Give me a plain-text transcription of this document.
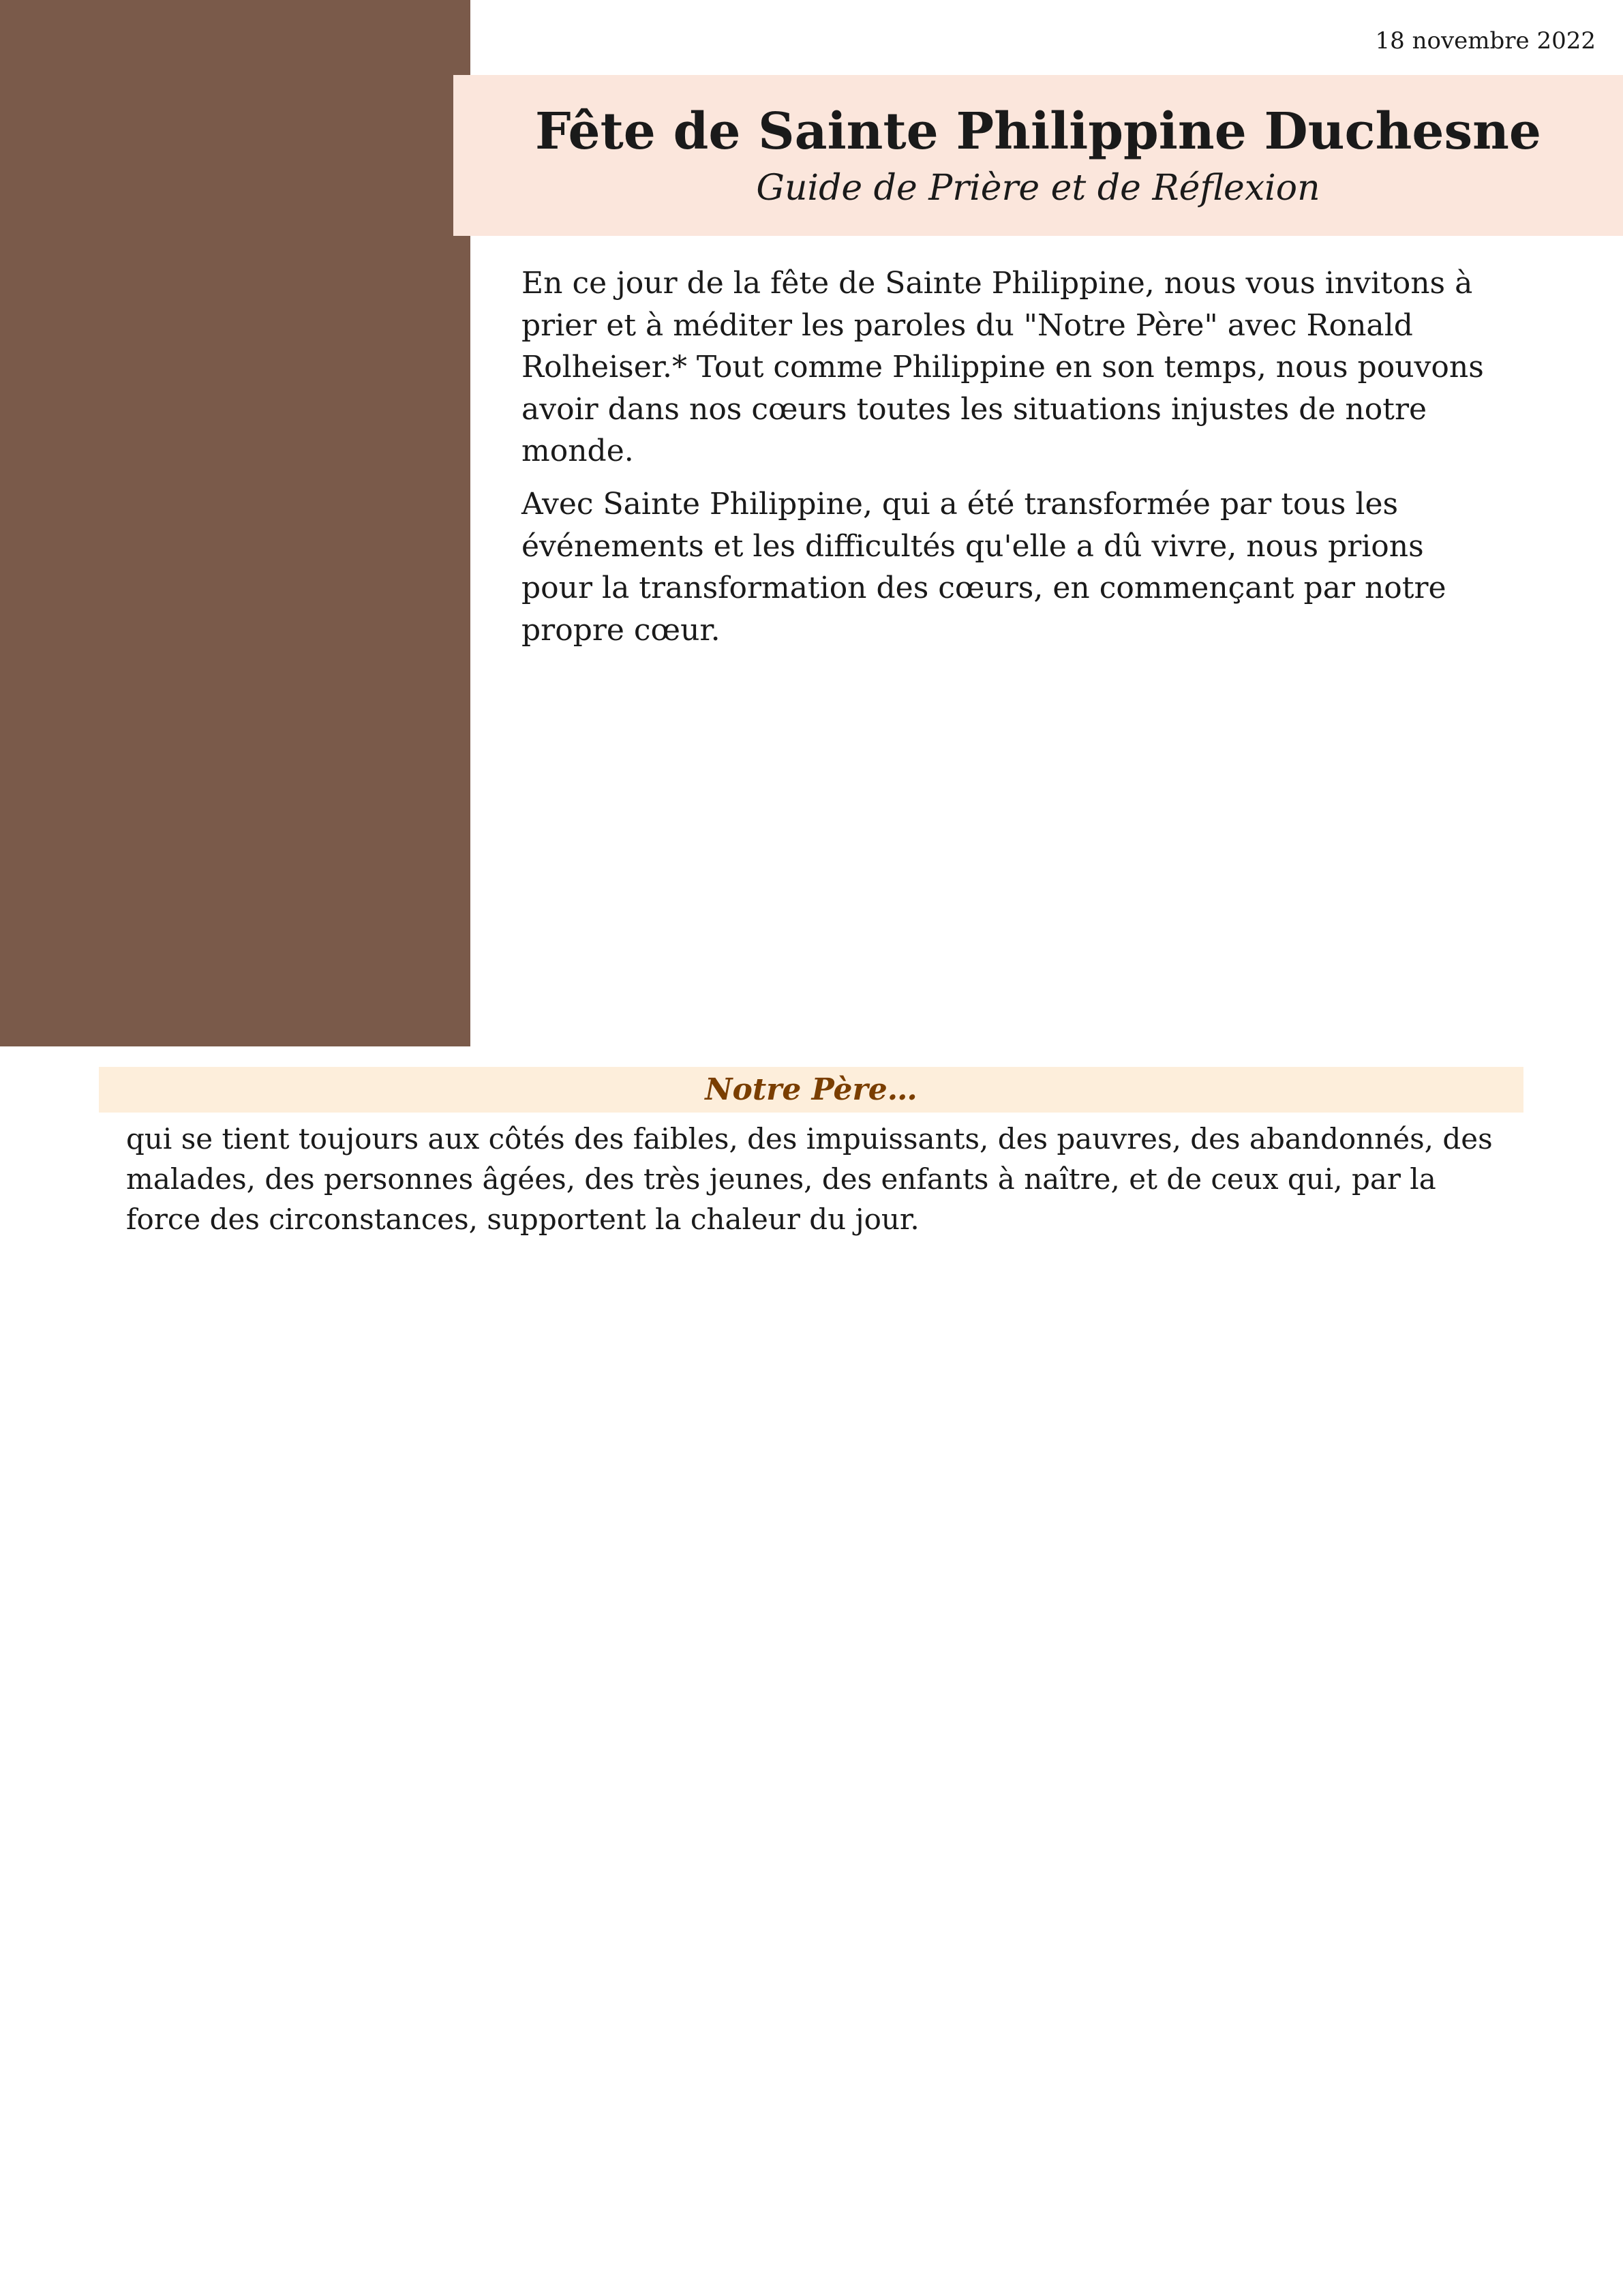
18 novembre 2022
Fête de Sainte Philippine Duchesne
Guide de Prière et de Réflexion

En ce jour de la fête de Sainte Philippine, nous vous invitons à prier et à méditer les paroles du "Notre Père" avec Ronald Rolheiser.* Tout comme Philippine en son temps, nous pouvons avoir dans nos cœurs toutes les situations injustes de notre monde.

Avec Sainte Philippine, qui a été transformée par tous les événements et les difficultés qu'elle a dû vivre, nous prions pour la transformation des cœurs, en commençant par notre propre cœur.

Notre Père…
qui se tient toujours aux côtés des faibles, des impuissants, des pauvres, des abandonnés, des malades, des personnes âgées, des très jeunes, des enfants à naître, et de ceux qui, par la force des circonstances, supportent la chaleur du jour.
